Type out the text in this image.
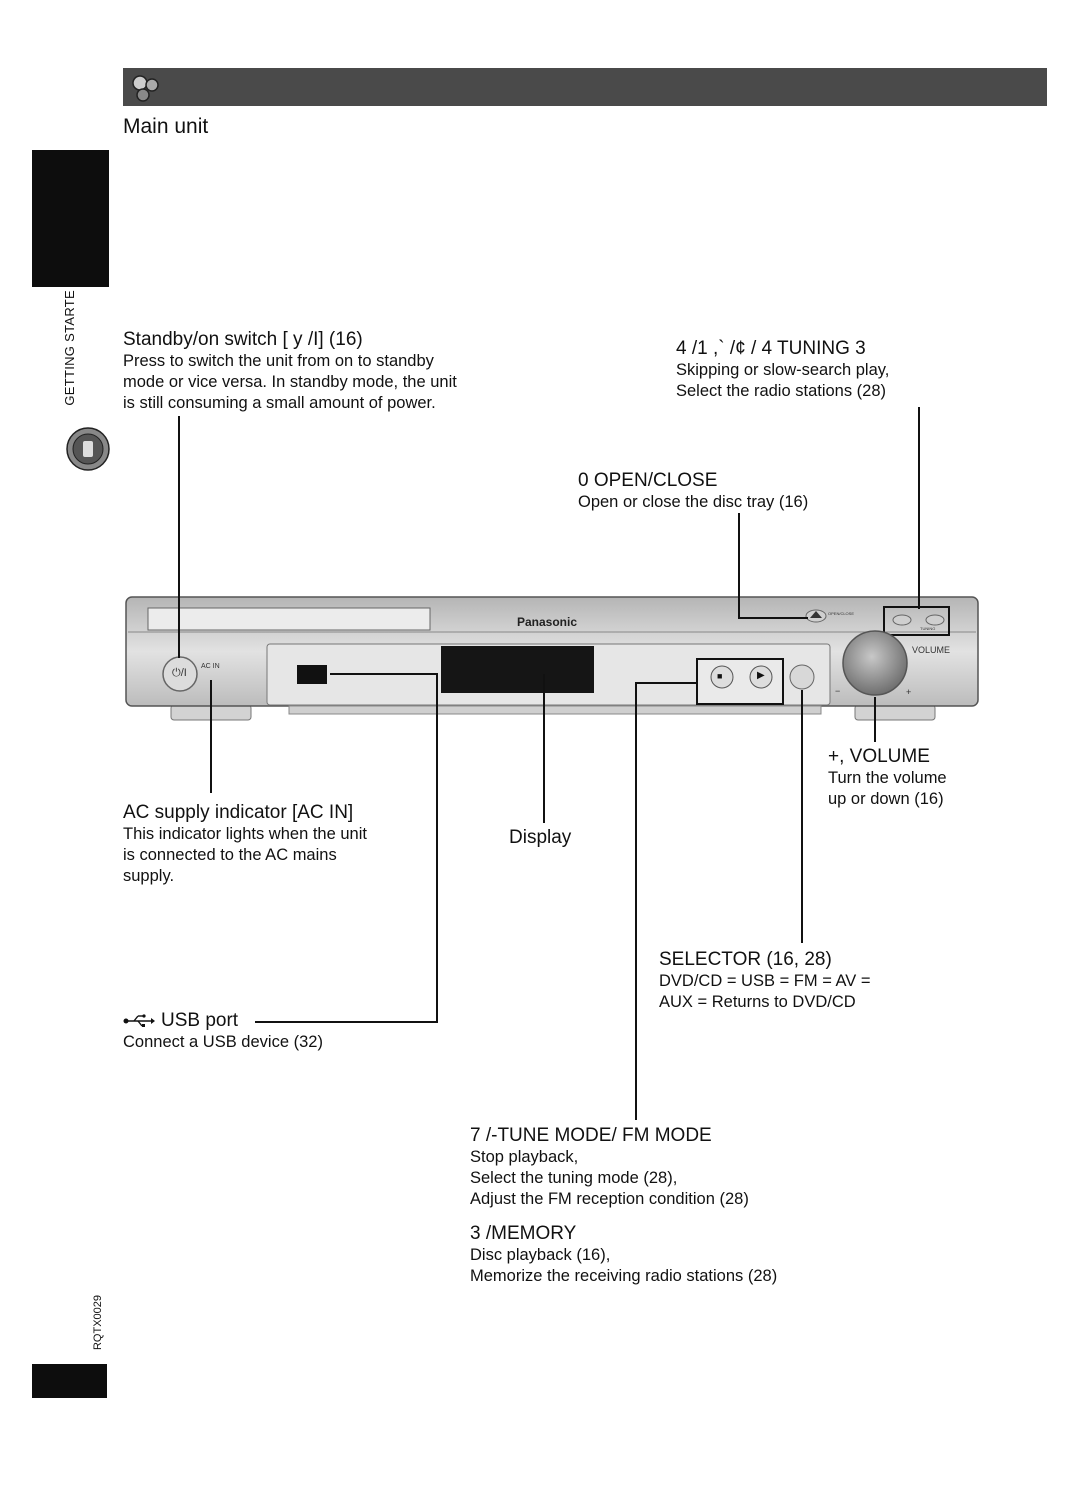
Main unit
GETTING STARTE
RQTX0029
Standby/on switch [ y /I] (16)
Press to switch the unit from on to standby
mode or vice versa. In standby mode, the unit
is still consuming a small amount of power.
4 /1 ,` /¢ / 4 TUNING 3
Skipping or slow-search play,
Select the radio stations (28)
0 OPEN/CLOSE
Open or close the disc tray (16)
+, VOLUME
Turn the volume
up or down (16)
AC supply indicator [AC IN]
This indicator lights when the unit
is connected to the AC mains
supply.
Display
SELECTOR (16, 28)
DVD/CD = USB = FM = AV =
AUX = Returns to DVD/CD
USB port
Connect a USB device (32)
7 /-TUNE MODE/ FM MODE
Stop playback,
Select the tuning mode (28),
Adjust the FM reception condition (28)
3 /MEMORY
Disc playback (16),
Memorize the receiving radio stations (28)
Panasonic
⏻/I
AC IN
VOLUME
OPEN/CLOSE
TUNING
−	+
■	▶
